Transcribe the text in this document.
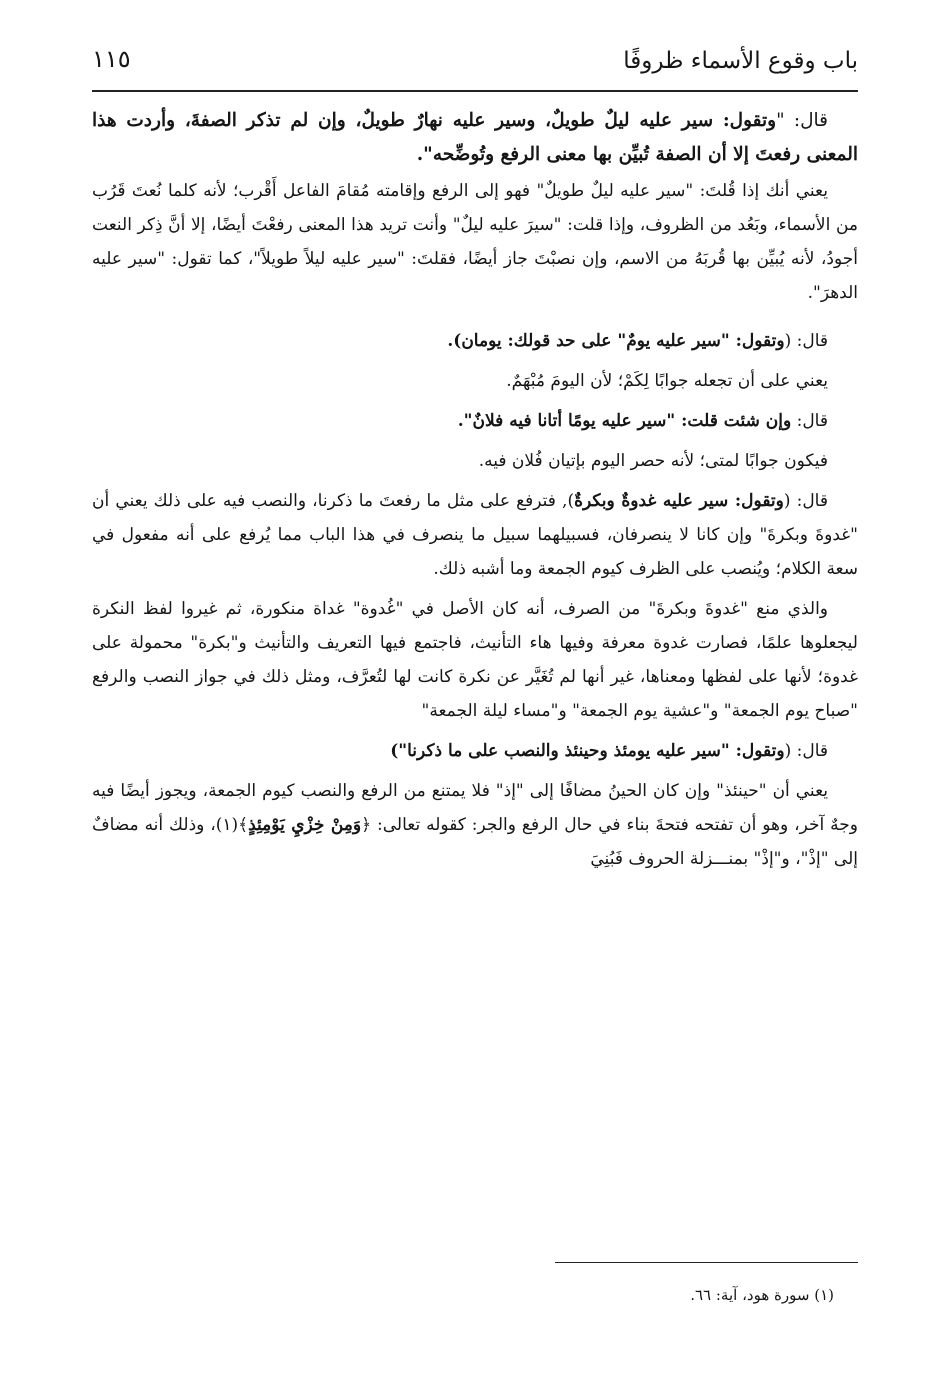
باب وقوع الأسماء ظروفًا
١١٥

قال: "وتقول: سير عليه ليلٌ طويلٌ، وسير عليه نهارٌ طويلٌ، وإن لم تذكر الصفةَ، وأردت هذا المعنى رفعتَ إلا أن الصفة تُبيِّن بها معنى الرفع وتُوضِّحه".

يعني أنك إذا قُلتَ: "سير عليه ليلٌ طويلٌ" فهو إلى الرفع وإقامته مُقامَ الفاعل أَقْرب؛ لأنه كلما نُعتَ قَرُب من الأسماء، وبَعُد من الظروف، وإذا قلت: "سيرَ عليه ليلٌ" وأنت تريد هذا المعنى رفعْتَ أيضًا، إلا أنَّ ذِكر النعت أجودُ، لأنه يُبيِّن بها قُربَهُ من الاسم، وإن نصبْتَ جاز أيضًا، فقلتَ: "سير عليه ليلاً طويلاً"، كما تقول: "سير عليه الدهرَ".

قال: (وتقول: "سير عليه يومٌ" على حد قولك: يومان).

يعني على أن تجعله جوابًا لِكَمْ؛ لأن اليومَ مُبْهَمٌ.

قال: وإن شئت قلت: "سير عليه يومًا أتانا فيه فلانٌ".

فيكون جوابًا لمتى؛ لأنه حصر اليوم بإتيان فُلان فيه.

قال: (وتقول: سير عليه غدوةٌ وبكرةٌ), فترفع على مثل ما رفعتَ ما ذكرنا، والنصب فيه على ذلك يعني أن "غدوةَ وبكرةَ" وإن كانا لا ينصرفان، فسبيلهما سبيل ما ينصرف في هذا الباب مما يُرفع على أنه مفعول في سعة الكلام؛ ويُنصب على الظرف كيوم الجمعة وما أشبه ذلك.

والذي منع "غدوةَ وبكرةَ" من الصرف، أنه كان الأصل في "غُدوة" غداة منكورة، ثم غيروا لفظ النكرة ليجعلوها علمًا، فصارت غدوة معرفة وفيها هاء التأنيث، فاجتمع فيها التعريف والتأنيث و"بكرة" محمولة على غدوة؛ لأنها على لفظها ومعناها، غير أنها لم تُغَيَّر عن نكرة كانت لها لتُعرَّف، ومثل ذلك في جواز النصب والرفع "صباح يوم الجمعة" و"عشية يوم الجمعة" و"مساء ليلة الجمعة"

قال: (وتقول: "سير عليه يومئذ وحينئذ والنصب على ما ذكرنا")

يعني أن "حينئذ" وإن كان الحينُ مضافًا إلى "إذ" فلا يمتنع من الرفع والنصب كيوم الجمعة، ويجوز أيضًا فيه وجهٌ آخر، وهو أن تفتحه فتحةَ بناء في حال الرفع والجر: كقوله تعالى: ﴿وَمِنْ خِزْيِ يَوْمِئِذٍ﴾(١)، وذلك أنه مضافٌ إلى "إذْ"، و"إذْ" بمنـــزلة الحروف فَبُنِيَ

(١) سورة هود، آية: ٦٦.
